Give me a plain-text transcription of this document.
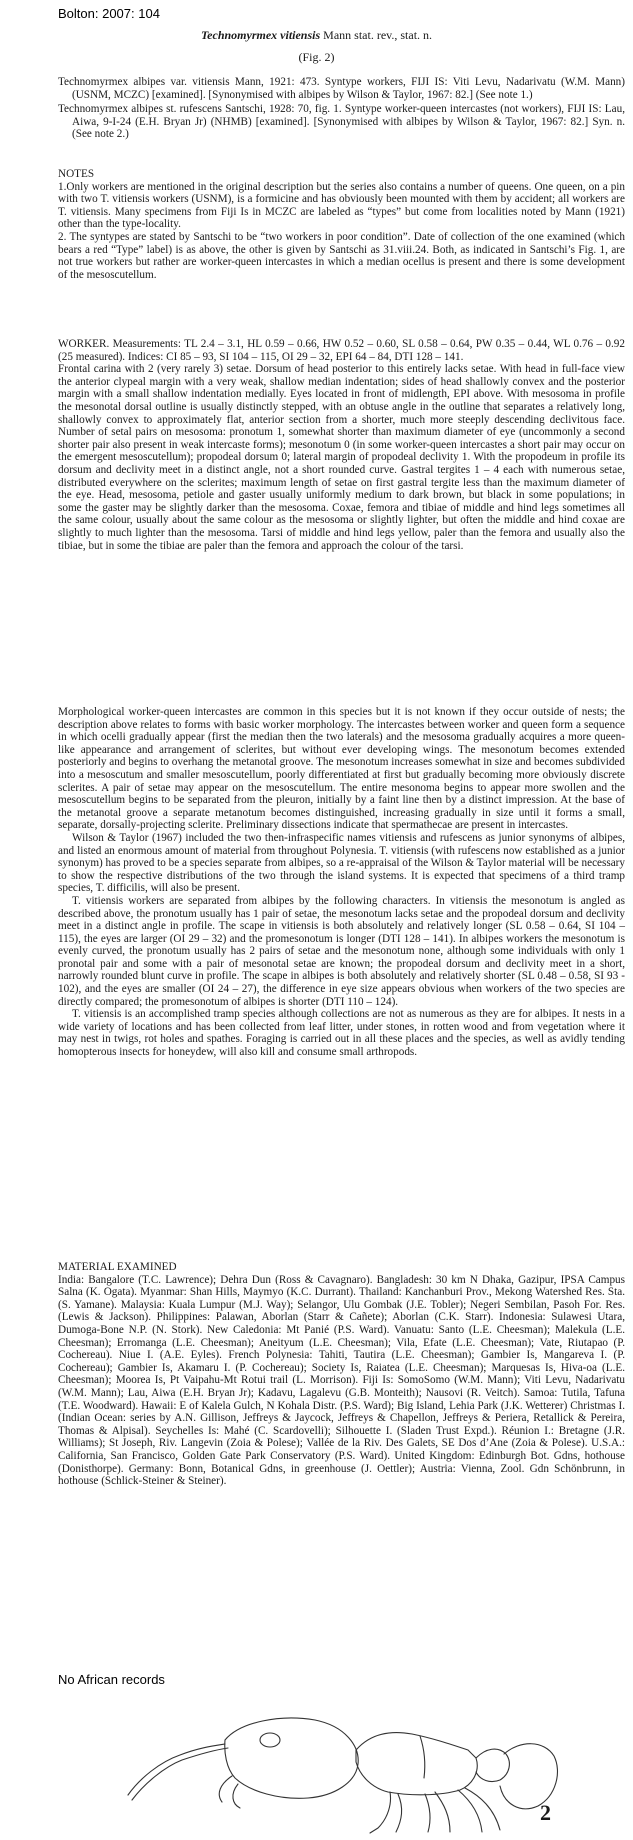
Bolton: 2007: 104
Technomyrmex vitiensis Mann stat. rev., stat. n.
(Fig. 2)

Technomyrmex albipes var. vitiensis Mann, 1921: 473. Syntype workers, FIJI IS: Viti Levu, Nadarivatu (W.M. Mann) (USNM, MCZC) [examined]. [Synonymised with albipes by Wilson & Taylor, 1967: 82.] (See note 1.)

Technomyrmex albipes st. rufescens Santschi, 1928: 70, fig. 1. Syntype worker-queen intercastes (not workers), FIJI IS: Lau, Aiwa, 9-I-24 (E.H. Bryan Jr) (NHMB) [examined]. [Synonymised with albipes by Wilson & Taylor, 1967: 82.] Syn. n. (See note 2.)

NOTES

1.Only workers are mentioned in the original description but the series also contains a number of queens. One queen, on a pin with two T. vitiensis workers (USNM), is a formicine and has obviously been mounted with them by accident; all workers are T. vitiensis. Many specimens from Fiji Is in MCZC are labeled as “types” but come from localities noted by Mann (1921) other than the type-locality.

2. The syntypes are stated by Santschi to be “two workers in poor condition”. Date of collection of the one examined (which bears a red “Type” label) is as above, the other is given by Santschi as 31.viii.24. Both, as indicated in Santschi’s Fig. 1, are not true workers but rather are worker-queen intercastes in which a median ocellus is present and there is some development of the mesoscutellum.

WORKER. Measurements: TL 2.4 – 3.1, HL 0.59 – 0.66, HW 0.52 – 0.60, SL 0.58 – 0.64, PW 0.35 – 0.44, WL 0.76 – 0.92 (25 measured). Indices: CI 85 – 93, SI 104 – 115, OI 29 – 32, EPI 64 – 84, DTI 128 – 141.

Frontal carina with 2 (very rarely 3) setae. Dorsum of head posterior to this entirely lacks setae. With head in full-face view the anterior clypeal margin with a very weak, shallow median indentation; sides of head shallowly convex and the posterior margin with a small shallow indentation medially. Eyes located in front of midlength, EPI above. With mesosoma in profile the mesonotal dorsal outline is usually distinctly stepped, with an obtuse angle in the outline that separates a relatively long, shallowly convex to approximately flat, anterior section from a shorter, much more steeply descending declivitous face. Number of setal pairs on mesosoma: pronotum 1, somewhat shorter than maximum diameter of eye (uncommonly a second shorter pair also present in weak intercaste forms); mesonotum 0 (in some worker-queen intercastes a short pair may occur on the emergent mesoscutellum); propodeal dorsum 0; lateral margin of propodeal declivity 1. With the propodeum in profile its dorsum and declivity meet in a distinct angle, not a short rounded curve. Gastral tergites 1 – 4 each with numerous setae, distributed everywhere on the sclerites; maximum length of setae on first gastral tergite less than the maximum diameter of the eye. Head, mesosoma, petiole and gaster usually uniformly medium to dark brown, but black in some populations; in some the gaster may be slightly darker than the mesosoma. Coxae, femora and tibiae of middle and hind legs sometimes all the same colour, usually about the same colour as the mesosoma or slightly lighter, but often the middle and hind coxae are slightly to much lighter than the mesosoma. Tarsi of middle and hind legs yellow, paler than the femora and usually also the tibiae, but in some the tibiae are paler than the femora and approach the colour of the tarsi.

Morphological worker-queen intercastes are common in this species but it is not known if they occur outside of nests; the description above relates to forms with basic worker morphology. The intercastes between worker and queen form a sequence in which ocelli gradually appear (first the median then the two laterals) and the mesosoma gradually acquires a more queen-like appearance and arrangement of sclerites, but without ever developing wings. The mesonotum becomes extended posteriorly and begins to overhang the metanotal groove. The mesonotum increases somewhat in size and becomes subdivided into a mesoscutum and smaller mesoscutellum, poorly differentiated at first but gradually becoming more obviously discrete sclerites. A pair of setae may appear on the mesoscutellum. The entire mesonoma begins to appear more swollen and the mesoscutellum begins to be separated from the pleuron, initially by a faint line then by a distinct impression. At the base of the metanotal groove a separate metanotum becomes distinguished, increasing gradually in size until it forms a small, separate, dorsally-projecting sclerite. Preliminary dissections indicate that spermathecae are present in intercastes.

Wilson & Taylor (1967) included the two then-infraspecific names vitiensis and rufescens as junior synonyms of albipes, and listed an enormous amount of material from throughout Polynesia. T. vitiensis (with rufescens now established as a junior synonym) has proved to be a species separate from albipes, so a re-appraisal of the Wilson & Taylor material will be necessary to show the respective distributions of the two through the island systems. It is expected that specimens of a third tramp species, T. difficilis, will also be present.

T. vitiensis workers are separated from albipes by the following characters. In vitiensis the mesonotum is angled as described above, the pronotum usually has 1 pair of setae, the mesonotum lacks setae and the propodeal dorsum and declivity meet in a distinct angle in profile. The scape in vitiensis is both absolutely and relatively longer (SL 0.58 – 0.64, SI 104 – 115), the eyes are larger (OI 29 – 32) and the promesonotum is longer (DTI 128 – 141). In albipes workers the mesonotum is evenly curved, the pronotum usually has 2 pairs of setae and the mesonotum none, although some individuals with only 1 pronotal pair and some with a pair of mesonotal setae are known; the propodeal dorsum and declivity meet in a short, narrowly rounded blunt curve in profile. The scape in albipes is both absolutely and relatively shorter (SL 0.48 – 0.58, SI 93 - 102), and the eyes are smaller (OI 24 – 27), the difference in eye size appears obvious when workers of the two species are directly compared; the promesonotum of albipes is shorter (DTI 110 – 124).

T. vitiensis is an accomplished tramp species although collections are not as numerous as they are for albipes. It nests in a wide variety of locations and has been collected from leaf litter, under stones, in rotten wood and from vegetation where it may nest in twigs, rot holes and spathes. Foraging is carried out in all these places and the species, as well as avidly tending homopterous insects for honeydew, will also kill and consume small arthropods.

MATERIAL EXAMINED

India: Bangalore (T.C. Lawrence); Dehra Dun (Ross & Cavagnaro). Bangladesh: 30 km N Dhaka, Gazipur, IPSA Campus Salna (K. Ogata). Myanmar: Shan Hills, Maymyo (K.C. Durrant). Thailand: Kanchanburi Prov., Mekong Watershed Res. Sta. (S. Yamane). Malaysia: Kuala Lumpur (M.J. Way); Selangor, Ulu Gombak (J.E. Tobler); Negeri Sembilan, Pasoh For. Res. (Lewis & Jackson). Philippines: Palawan, Aborlan (Starr & Cañete); Aborlan (C.K. Starr). Indonesia: Sulawesi Utara, Dumoga-Bone N.P. (N. Stork). New Caledonia: Mt Panié (P.S. Ward). Vanuatu: Santo (L.E. Cheesman); Malekula (L.E. Cheesman); Erromanga (L.E. Cheesman); Aneityum (L.E. Cheesman); Vila, Efate (L.E. Cheesman); Vate, Riutapao (P. Cochereau). Niue I. (A.E. Eyles). French Polynesia: Tahiti, Tautira (L.E. Cheesman); Gambier Is, Mangareva I. (P. Cochereau); Gambier Is, Akamaru I. (P. Cochereau); Society Is, Raiatea (L.E. Cheesman); Marquesas Is, Hiva-oa (L.E. Cheesman); Moorea Is, Pt Vaipahu-Mt Rotui trail (L. Morrison). Fiji Is: SomoSomo (W.M. Mann); Viti Levu, Nadarivatu (W.M. Mann); Lau, Aiwa (E.H. Bryan Jr); Kadavu, Lagalevu (G.B. Monteith); Nausovi (R. Veitch). Samoa: Tutila, Tafuna (T.E. Woodward). Hawaii: E of Kalela Gulch, N Kohala Distr. (P.S. Ward); Big Island, Lehia Park (J.K. Wetterer) Christmas I. (Indian Ocean: series by A.N. Gillison, Jeffreys & Jaycock, Jeffreys & Chapellon, Jeffreys & Periera, Retallick & Pereira, Thomas & Alpisal). Seychelles Is: Mahé (C. Scardovelli); Silhouette I. (Sladen Trust Expd.). Réunion I.: Bretagne (J.R. Williams); St Joseph, Riv. Langevin (Zoia & Polese); Vallée de la Riv. Des Galets, SE Dos d’Ane (Zoia & Polese). U.S.A.: California, San Francisco, Golden Gate Park Conservatory (P.S. Ward). United Kingdom: Edinburgh Bot. Gdns, hothouse (Donisthorpe). Germany: Bonn, Botanical Gdns, in greenhouse (J. Oettler); Austria: Vienna, Zool. Gdn Schönbrunn, in hothouse (Schlick-Steiner & Steiner).

No African records
2
